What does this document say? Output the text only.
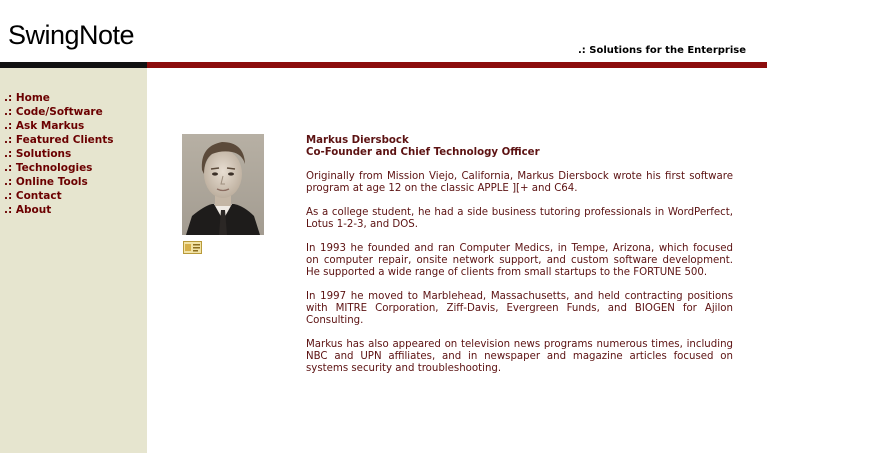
SwingNote
.: Solutions for the Enterprise
.: Home
.: Code/Software
.: Ask Markus
.: Featured Clients
.: Solutions
.: Technologies
.: Online Tools
.: Contact
.: About
Markus Diersbock
Co-Founder and Chief Technology Officer

Originally from Mission Viejo, California, Markus Diersbock wrote his first software program at age 12 on the classic APPLE ][+ and C64.

As a college student, he had a side business tutoring professionals in WordPerfect, Lotus 1-2-3, and DOS.

In 1993 he founded and ran Computer Medics, in Tempe, Arizona, which focused on computer repair, onsite network support, and custom software development. He supported a wide range of clients from small startups to the FORTUNE 500.

In 1997 he moved to Marblehead, Massachusetts, and held contracting positions with MITRE Corporation, Ziff-Davis, Evergreen Funds, and BIOGEN for Ajilon Consulting.

Markus has also appeared on television news programs numerous times, including NBC and UPN affiliates, and in newspaper and magazine articles focused on systems security and troubleshooting.
